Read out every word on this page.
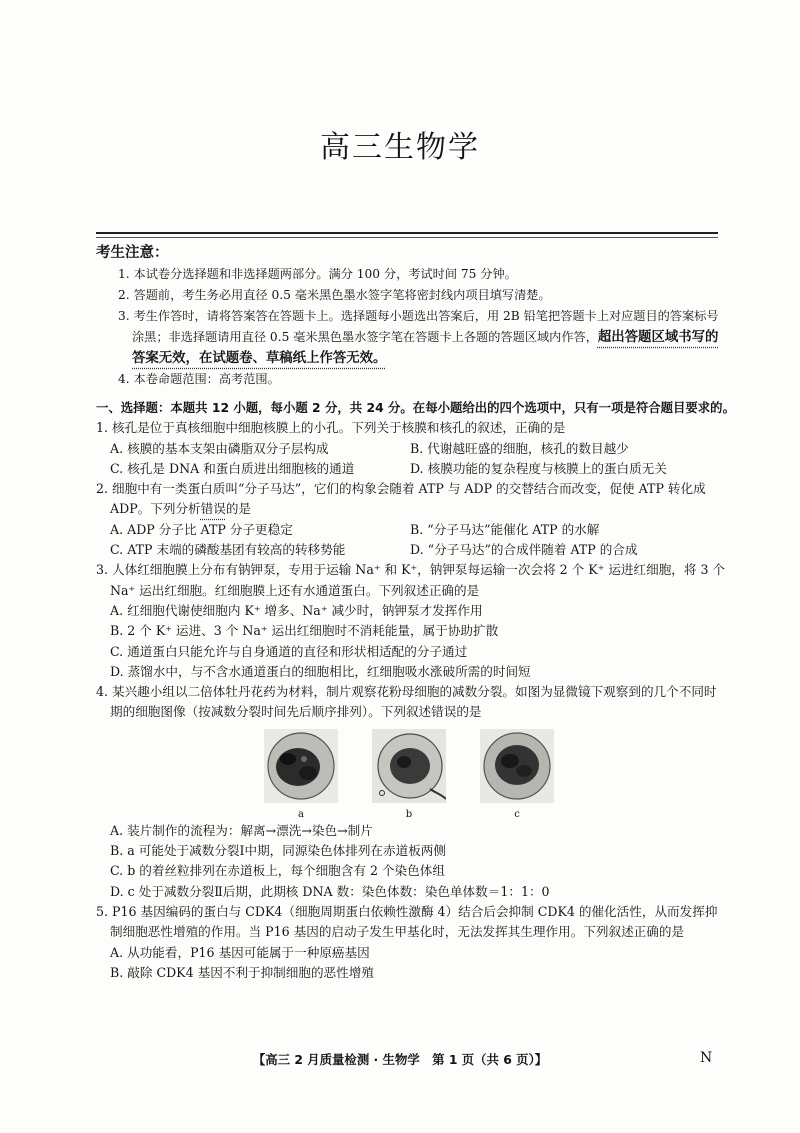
高三生物学
考生注意：
1. 本试卷分选择题和非选择题两部分。满分 100 分，考试时间 75 分钟。
2. 答题前，考生务必用直径 0.5 毫米黑色墨水签字笔将密封线内项目填写清楚。
3. 考生作答时，请将答案答在答题卡上。选择题每小题选出答案后，用 2B 铅笔把答题卡上对应题目的答案标号涂黑；非选择题请用直径 0.5 毫米黑色墨水签字笔在答题卡上各题的答题区域内作答，超出答题区域书写的答案无效，在试题卷、草稿纸上作答无效。
4. 本卷命题范围：高考范围。
一、选择题：本题共 12 小题，每小题 2 分，共 24 分。在每小题给出的四个选项中，只有一项是符合题目要求的。
1. 核孔是位于真核细胞中细胞核膜上的小孔。下列关于核膜和核孔的叙述，正确的是
A. 核膜的基本支架由磷脂双分子层构成	B. 代谢越旺盛的细胞，核孔的数目越少
C. 核孔是 DNA 和蛋白质进出细胞核的通道	D. 核膜功能的复杂程度与核膜上的蛋白质无关
2. 细胞中有一类蛋白质叫“分子马达”，它们的构象会随着 ATP 与 ADP 的交替结合而改变，促使 ATP 转化成 ADP。下列分析错误的是
A. ADP 分子比 ATP 分子更稳定	B. “分子马达”能催化 ATP 的水解
C. ATP 末端的磷酸基团有较高的转移势能	D. “分子马达”的合成伴随着 ATP 的合成
3. 人体红细胞膜上分布有钠钾泵，专用于运输 Na⁺ 和 K⁺，钠钾泵每运输一次会将 2 个 K⁺ 运进红细胞，将 3 个 Na⁺ 运出红细胞。红细胞膜上还有水通道蛋白。下列叙述正确的是
A. 红细胞代谢使细胞内 K⁺ 增多、Na⁺ 减少时，钠钾泵才发挥作用
B. 2 个 K⁺ 运进、3 个 Na⁺ 运出红细胞时不消耗能量，属于协助扩散
C. 通道蛋白只能允许与自身通道的直径和形状相适配的分子通过
D. 蒸馏水中，与不含水通道蛋白的细胞相比，红细胞吸水涨破所需的时间短
4. 某兴趣小组以二倍体牡丹花药为材料，制片观察花粉母细胞的减数分裂。如图为显微镜下观察到的几个不同时期的细胞图像（按减数分裂时间先后顺序排列）。下列叙述错误的是
a	b	c
A. 装片制作的流程为：解离→漂洗→染色→制片
B. a 可能处于减数分裂Ⅰ中期，同源染色体排列在赤道板两侧
C. b 的着丝粒排列在赤道板上，每个细胞含有 2 个染色体组
D. c 处于减数分裂Ⅱ后期，此期核 DNA 数：染色体数：染色单体数＝1：1：0
5. P16 基因编码的蛋白与 CDK4（细胞周期蛋白依赖性激酶 4）结合后会抑制 CDK4 的催化活性，从而发挥抑制细胞恶性增殖的作用。当 P16 基因的启动子发生甲基化时，无法发挥其生理作用。下列叙述正确的是
A. 从功能看，P16 基因可能属于一种原癌基因
B. 敲除 CDK4 基因不利于抑制细胞的恶性增殖
【高三 2 月质量检测 · 生物学　第 1 页（共 6 页）】	N
